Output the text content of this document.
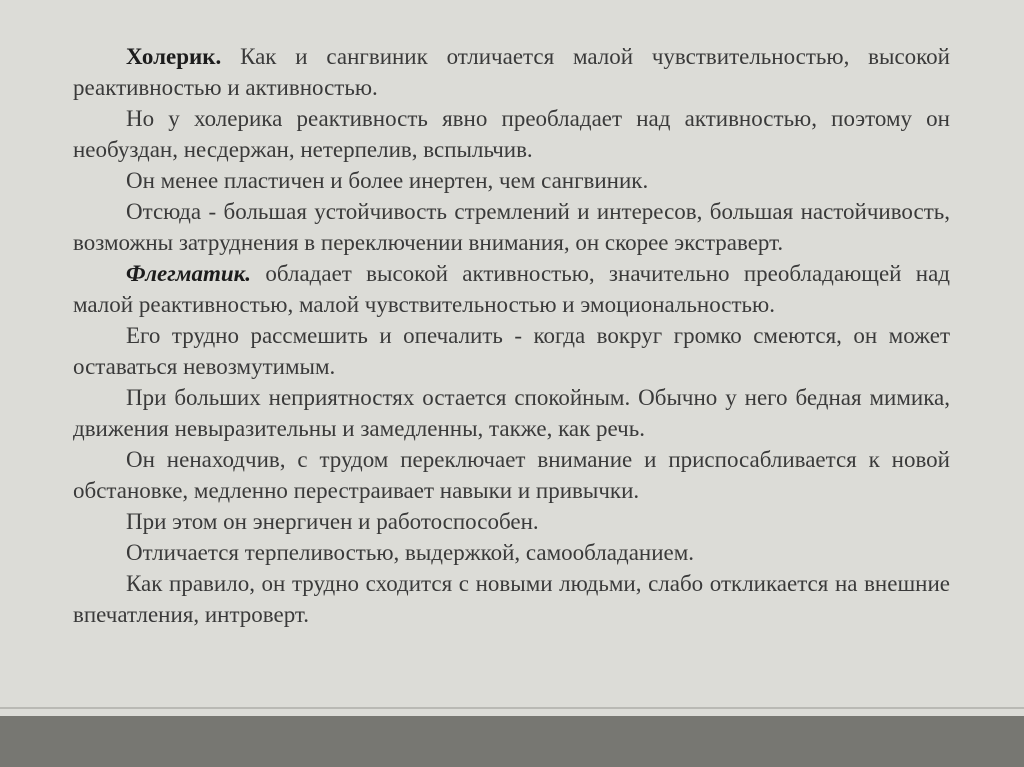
Холерик. Как и сангвиник отличается малой чувствительностью, высокой реактивностью и активностью.

Но у холерика реактивность явно преобладает над активностью, поэтому он необуздан, несдержан, нетерпелив, вспыльчив.

Он менее пластичен и более инертен, чем сангвиник.

Отсюда - большая устойчивость стремлений и интересов, большая настойчивость, возможны затруднения в переключении внимания, он скорее экстраверт.

Флегматик. обладает высокой активностью, значительно преобладающей над малой реактивностью, малой чувствительностью и эмоциональностью.

Его трудно рассмешить и опечалить - когда вокруг громко смеются, он может оставаться невозмутимым.

При больших неприятностях остается спокойным. Обычно у него бедная мимика, движения невыразительны и замедленны, также, как речь.

Он ненаходчив, с трудом переключает внимание и приспосабливается к новой обстановке, медленно перестраивает навыки и привычки.

При этом он энергичен и работоспособен.

Отличается терпеливостью, выдержкой, самообладанием.

Как правило, он трудно сходится с новыми людьми, слабо откликается на внешние впечатления, интроверт.
